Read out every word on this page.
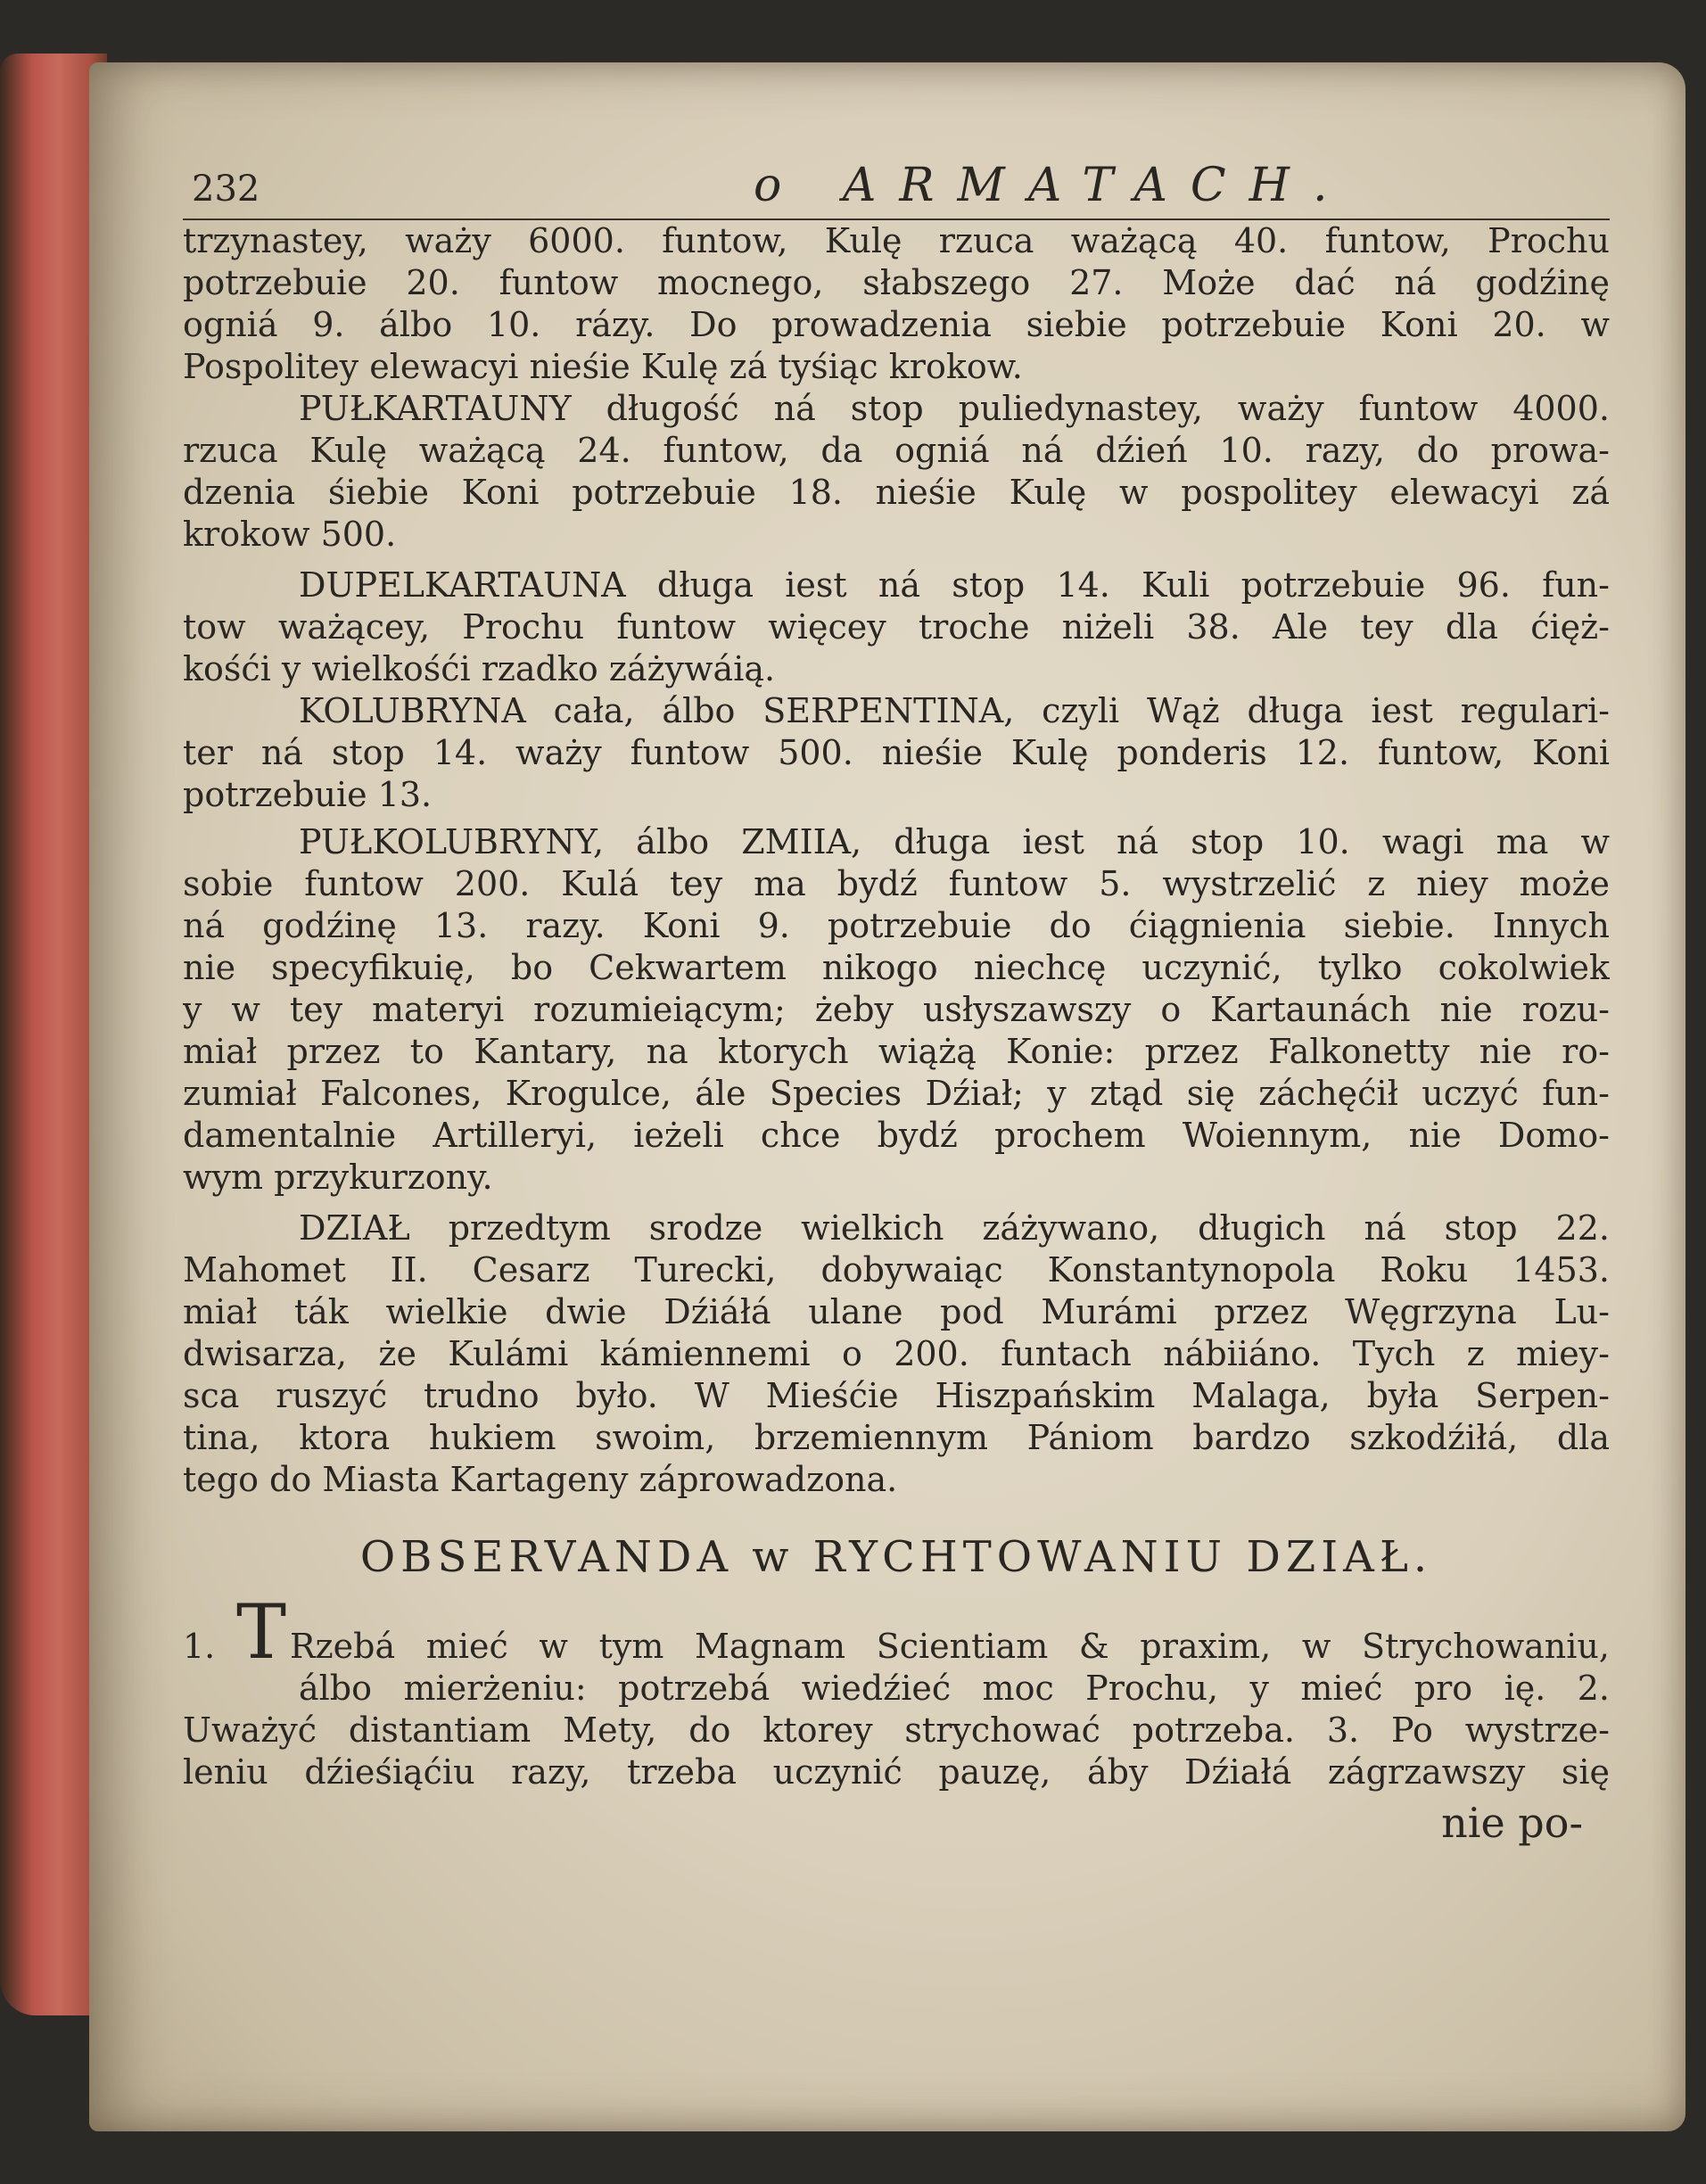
232	o ARMATACH.
trzynastey, waży 6000. funtow, Kulę rzuca ważącą 40. funtow, Prochu
potrzebuie 20. funtow mocnego, słabszego 27. Może dać ná godźinę
ogniá 9. álbo 10. rázy. Do prowadzenia siebie potrzebuie Koni 20. w
Pospolitey elewacyi nieśie Kulę zá tyśiąc krokow.
PUŁKARTAUNY długość ná stop puliedynastey, waży funtow 4000.
rzuca Kulę ważącą 24. funtow, da ogniá ná dźień 10. razy, do prowa-
dzenia śiebie Koni potrzebuie 18. nieśie Kulę w pospolitey elewacyi zá
krokow 500.
DUPELKARTAUNA długa iest ná stop 14. Kuli potrzebuie 96. fun-
tow ważącey, Prochu funtow więcey troche niżeli 38. Ale tey dla ćięż-
kośći y wielkośći rzadko záżywáią.
KOLUBRYNA cała, álbo SERPENTINA, czyli Wąż długa iest regulari-
ter ná stop 14. waży funtow 500. nieśie Kulę ponderis 12. funtow, Koni
potrzebuie 13.
PUŁKOLUBRYNY, álbo ZMIIA, długa iest ná stop 10. wagi ma w
sobie funtow 200. Kulá tey ma bydź funtow 5. wystrzelić z niey może
ná godźinę 13. razy. Koni 9. potrzebuie do ćiągnienia siebie. Innych
nie specyfikuię, bo Cekwartem nikogo niechcę uczynić, tylko cokolwiek
y w tey materyi rozumieiącym; żeby usłyszawszy o Kartaunách nie rozu-
miał przez to Kantary, na ktorych wiążą Konie: przez Falkonetty nie ro-
zumiał Falcones, Krogulce, ále Species Dźiał; y ztąd się záchęćił uczyć fun-
damentalnie Artilleryi, ieżeli chce bydź prochem Woiennym, nie Domo-
wym przykurzony.
DZIAŁ przedtym srodze wielkich záżywano, długich ná stop 22.
Mahomet II. Cesarz Turecki, dobywaiąc Konstantynopola Roku 1453.
miał ták wielkie dwie Dźiáłá ulane pod Murámi przez Węgrzyna Lu-
dwisarza, że Kulámi kámiennemi o 200. funtach nábiiáno. Tych z miey-
sca ruszyć trudno było. W Mieśćie Hiszpańskim Malaga, była Serpen-
tina, ktora hukiem swoim, brzemiennym Pániom bardzo szkodźiłá, dla
tego do Miasta Kartageny záprowadzona.
OBSERVANDA w RYCHTOWANIU DZIAŁ.
1. T Rzebá mieć w tym Magnam Scientiam & praxim, w Strychowaniu,
álbo mierżeniu: potrzebá wiedźieć moc Prochu, y mieć pro ię. 2.
Uważyć distantiam Mety, do ktorey strychować potrzeba. 3. Po wystrze-
leniu dźieśiąćiu razy, trzeba uczynić pauzę, áby Dźiałá zágrzawszy się
nie po-
